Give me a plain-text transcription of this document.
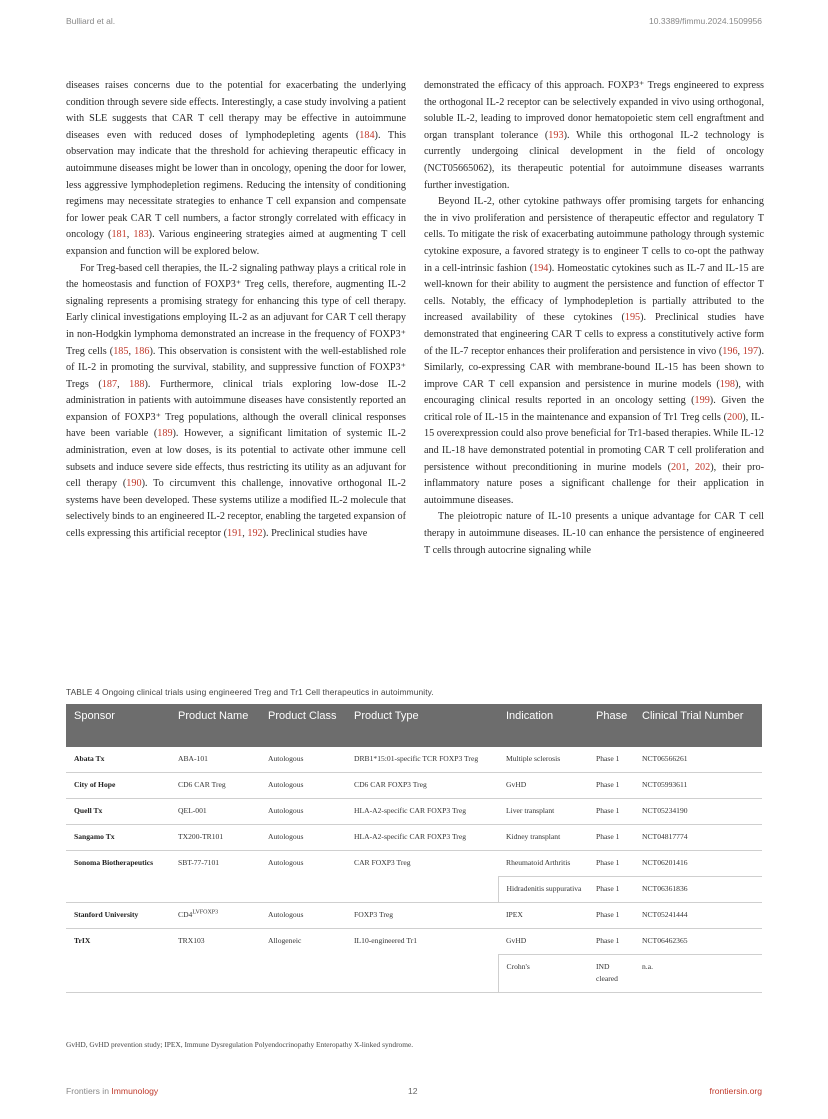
Bulliard et al.	10.3389/fimmu.2024.1509956

diseases raises concerns due to the potential for exacerbating the underlying condition through severe side effects. Interestingly, a case study involving a patient with SLE suggests that CAR T cell therapy may be effective in autoimmune diseases even with reduced doses of lymphodepleting agents (184). This observation may indicate that the threshold for achieving therapeutic efficacy in autoimmune diseases might be lower than in oncology, opening the door for lower, less aggressive lymphodepletion regimens. Reducing the intensity of conditioning regimens may necessitate strategies to enhance T cell expansion and compensate for lower peak CAR T cell numbers, a factor strongly correlated with efficacy in oncology (181, 183). Various engineering strategies aimed at augmenting T cell expansion and function will be explored below.

For Treg-based cell therapies, the IL-2 signaling pathway plays a critical role in the homeostasis and function of FOXP3⁺ Treg cells, therefore, augmenting IL-2 signaling represents a promising strategy for enhancing this type of cell therapy. Early clinical investigations employing IL-2 as an adjuvant for CAR T cell therapy in non-Hodgkin lymphoma demonstrated an increase in the frequency of FOXP3⁺ Treg cells (185, 186). This observation is consistent with the well-established role of IL-2 in promoting the survival, stability, and suppressive function of FOXP3⁺ Tregs (187, 188). Furthermore, clinical trials exploring low-dose IL-2 administration in patients with autoimmune diseases have consistently reported an expansion of FOXP3⁺ Treg populations, although the overall clinical responses have been variable (189). However, a significant limitation of systemic IL-2 administration, even at low doses, is its potential to activate other immune cell subsets and induce severe side effects, thus restricting its utility as an adjuvant for cell therapy (190). To circumvent this challenge, innovative orthogonal IL-2 systems have been developed. These systems utilize a modified IL-2 molecule that selectively binds to an engineered IL-2 receptor, enabling the targeted expansion of cells expressing this artificial receptor (191, 192). Preclinical studies have

demonstrated the efficacy of this approach. FOXP3⁺ Tregs engineered to express the orthogonal IL-2 receptor can be selectively expanded in vivo using orthogonal, soluble IL-2, leading to improved donor hematopoietic stem cell engraftment and organ transplant tolerance (193). While this orthogonal IL-2 technology is currently undergoing clinical development in the field of oncology (NCT05665062), its therapeutic potential for autoimmune diseases warrants further investigation.

Beyond IL-2, other cytokine pathways offer promising targets for enhancing the in vivo proliferation and persistence of therapeutic effector and regulatory T cells. To mitigate the risk of exacerbating autoimmune pathology through systemic cytokine exposure, a favored strategy is to engineer T cells to co-opt the pathway in a cell-intrinsic fashion (194). Homeostatic cytokines such as IL-7 and IL-15 are well-known for their ability to augment the persistence and function of effector T cells. Notably, the efficacy of lymphodepletion is partially attributed to the increased availability of these cytokines (195). Preclinical studies have demonstrated that engineering CAR T cells to express a constitutively active form of the IL-7 receptor enhances their proliferation and persistence in vivo (196, 197). Similarly, co-expressing CAR with membrane-bound IL-15 has been shown to improve CAR T cell expansion and persistence in murine models (198), with encouraging clinical results reported in an oncology setting (199). Given the critical role of IL-15 in the maintenance and expansion of Tr1 Treg cells (200), IL-15 overexpression could also prove beneficial for Tr1-based therapies. While IL-12 and IL-18 have demonstrated potential in promoting CAR T cell proliferation and persistence without preconditioning in murine models (201, 202), their pro-inflammatory nature poses a significant challenge for their application in autoimmune diseases.

The pleiotropic nature of IL-10 presents a unique advantage for CAR T cell therapy in autoimmune diseases. IL-10 can enhance the persistence of engineered T cells through autocrine signaling while

TABLE 4 Ongoing clinical trials using engineered Treg and Tr1 Cell therapeutics in autoimmunity.
Sponsor	Product Name	Product Class	Product Type	Indication	Phase	Clinical Trial Number
Abata Tx	ABA-101	Autologous	DRB1*15:01-specific TCR FOXP3 Treg	Multiple sclerosis	Phase 1	NCT06566261
City of Hope	CD6 CAR Treg	Autologous	CD6 CAR FOXP3 Treg	GvHD	Phase 1	NCT05993611
Quell Tx	QEL-001	Autologous	HLA-A2-specific CAR FOXP3 Treg	Liver transplant	Phase 1	NCT05234190
Sangamo Tx	TX200-TR101	Autologous	HLA-A2-specific CAR FOXP3 Treg	Kidney transplant	Phase 1	NCT04817774
Sonoma Biotherapeutics	SBT-77-7101	Autologous	CAR FOXP3 Treg	Rheumatoid Arthritis	Phase 1	NCT06201416
				Hidradenitis suppurativa	Phase 1	NCT06361836
Stanford University	$CD4^{LVFOXP3}$	Autologous	FOXP3 Treg	IPEX	Phase 1	NCT05241444
TrIX	TRX103	Allogeneic	IL10-engineered Tr1	GvHD	Phase 1	NCT06462365
				Crohn's	IND cleared	n.a.
GvHD, GvHD prevention study; IPEX, Immune Dysregulation Polyendocrinopathy Enteropathy X-linked syndrome.
Frontiers in Immunology	12	frontiersin.org
